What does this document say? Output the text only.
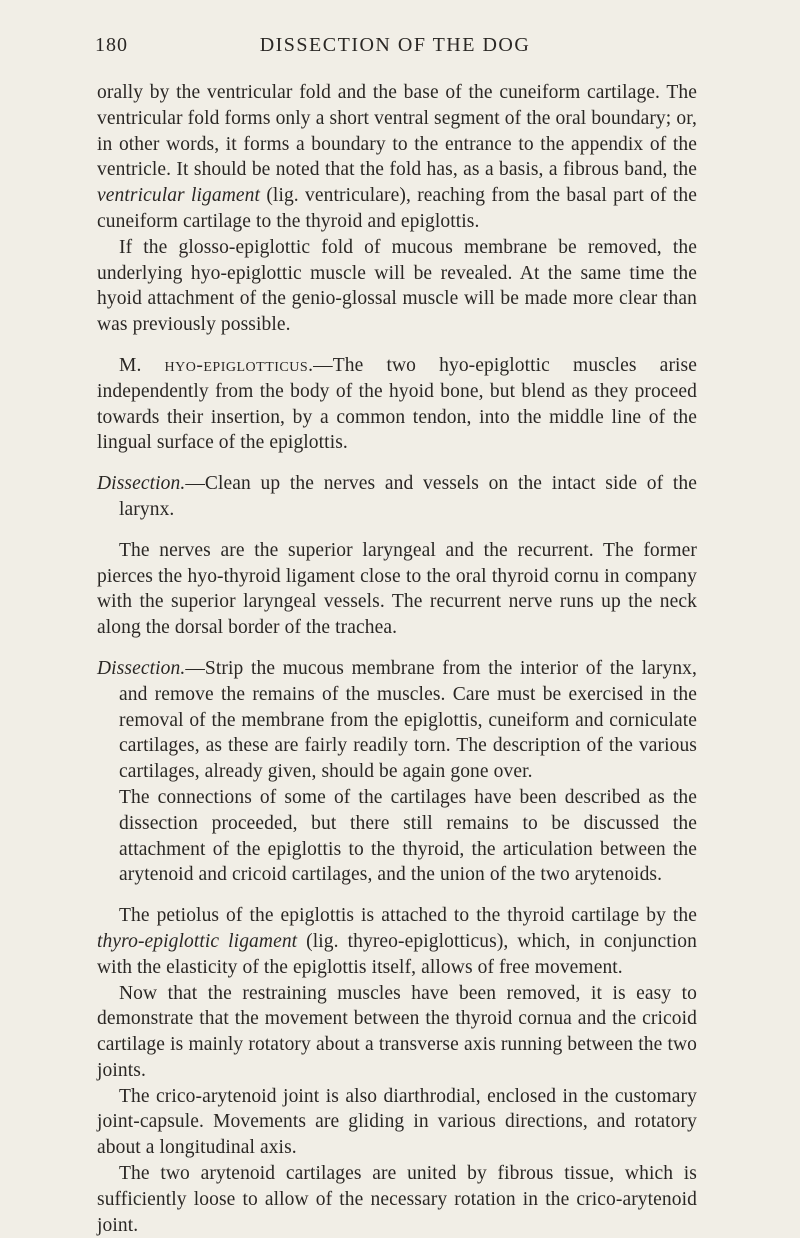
180	DISSECTION OF THE DOG

orally by the ventricular fold and the base of the cuneiform cartilage. The ventricular fold forms only a short ventral segment of the oral boundary; or, in other words, it forms a boundary to the entrance to the appendix of the ventricle. It should be noted that the fold has, as a basis, a fibrous band, the ventricular ligament (lig. ventriculare), reaching from the basal part of the cuneiform cartilage to the thyroid and epiglottis.

If the glosso-epiglottic fold of mucous membrane be removed, the underlying hyo-epiglottic muscle will be revealed. At the same time the hyoid attachment of the genio-glossal muscle will be made more clear than was previously possible.

M. hyo-epiglotticus.—The two hyo-epiglottic muscles arise independently from the body of the hyoid bone, but blend as they proceed towards their insertion, by a common tendon, into the middle line of the lingual surface of the epiglottis.

Dissection.—Clean up the nerves and vessels on the intact side of the larynx.

The nerves are the superior laryngeal and the recurrent. The former pierces the hyo-thyroid ligament close to the oral thyroid cornu in company with the superior laryngeal vessels. The recurrent nerve runs up the neck along the dorsal border of the trachea.

Dissection.—Strip the mucous membrane from the interior of the larynx, and remove the remains of the muscles. Care must be exercised in the removal of the membrane from the epiglottis, cuneiform and corniculate cartilages, as these are fairly readily torn. The description of the various cartilages, already given, should be again gone over.

The connections of some of the cartilages have been described as the dissection proceeded, but there still remains to be discussed the attachment of the epiglottis to the thyroid, the articulation between the arytenoid and cricoid cartilages, and the union of the two arytenoids.

The petiolus of the epiglottis is attached to the thyroid cartilage by the thyro-epiglottic ligament (lig. thyreo-epiglotticus), which, in conjunction with the elasticity of the epiglottis itself, allows of free movement.

Now that the restraining muscles have been removed, it is easy to demonstrate that the movement between the thyroid cornua and the cricoid cartilage is mainly rotatory about a transverse axis running between the two joints.

The crico-arytenoid joint is also diarthrodial, enclosed in the customary joint-capsule. Movements are gliding in various directions, and rotatory about a longitudinal axis.

The two arytenoid cartilages are united by fibrous tissue, which is sufficiently loose to allow of the necessary rotation in the crico-arytenoid joint.
